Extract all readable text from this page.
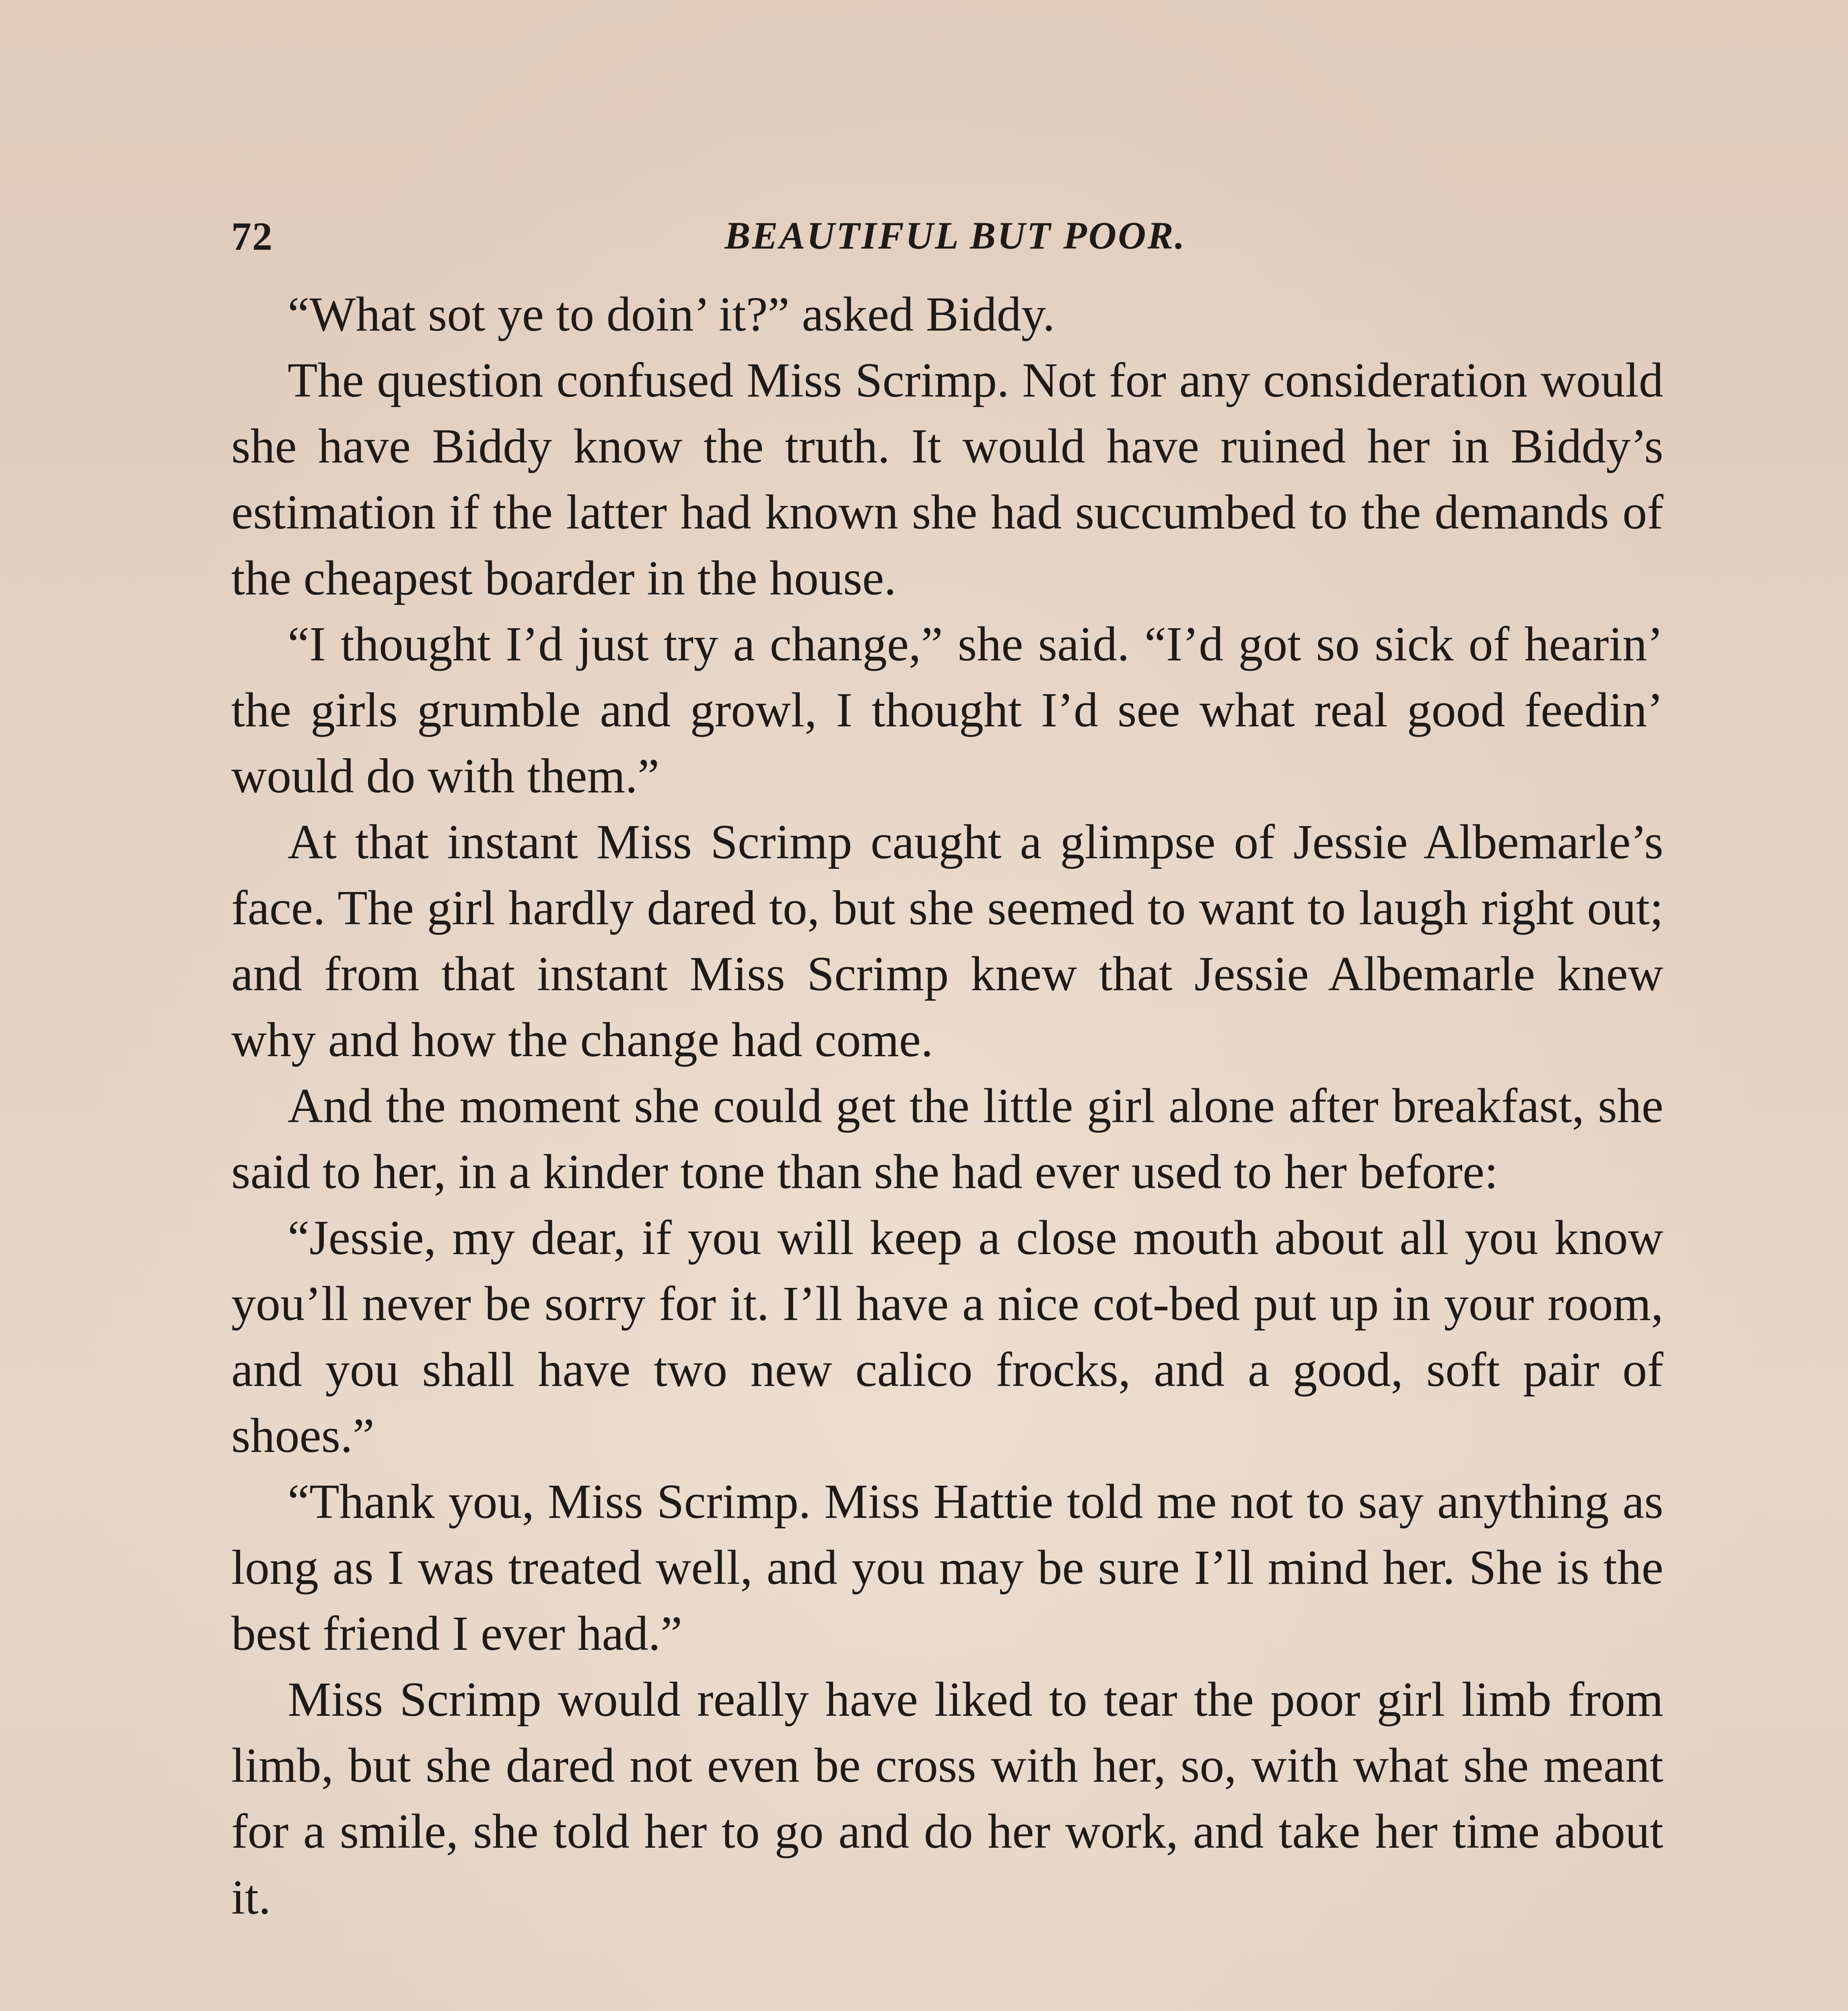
72	BEAUTIFUL BUT POOR.

“What sot ye to doin’ it?” asked Biddy.

The question confused Miss Scrimp. Not for any consideration would she have Biddy know the truth. It would have ruined her in Biddy’s estimation if the latter had known she had succumbed to the demands of the cheapest boarder in the house.

“I thought I’d just try a change,” she said. “I’d got so sick of hearin’ the girls grumble and growl, I thought I’d see what real good feedin’ would do with them.”

At that instant Miss Scrimp caught a glimpse of Jessie Albemarle’s face. The girl hardly dared to, but she seemed to want to laugh right out; and from that instant Miss Scrimp knew that Jessie Albemarle knew why and how the change had come.

And the moment she could get the little girl alone after breakfast, she said to her, in a kinder tone than she had ever used to her before:

“Jessie, my dear, if you will keep a close mouth about all you know you’ll never be sorry for it. I’ll have a nice cot-bed put up in your room, and you shall have two new calico frocks, and a good, soft pair of shoes.”

“Thank you, Miss Scrimp. Miss Hattie told me not to say anything as long as I was treated well, and you may be sure I’ll mind her. She is the best friend I ever had.”

Miss Scrimp would really have liked to tear the poor girl limb from limb, but she dared not even be cross with her, so, with what she meant for a smile, she told her to go and do her work, and take her time about it.
